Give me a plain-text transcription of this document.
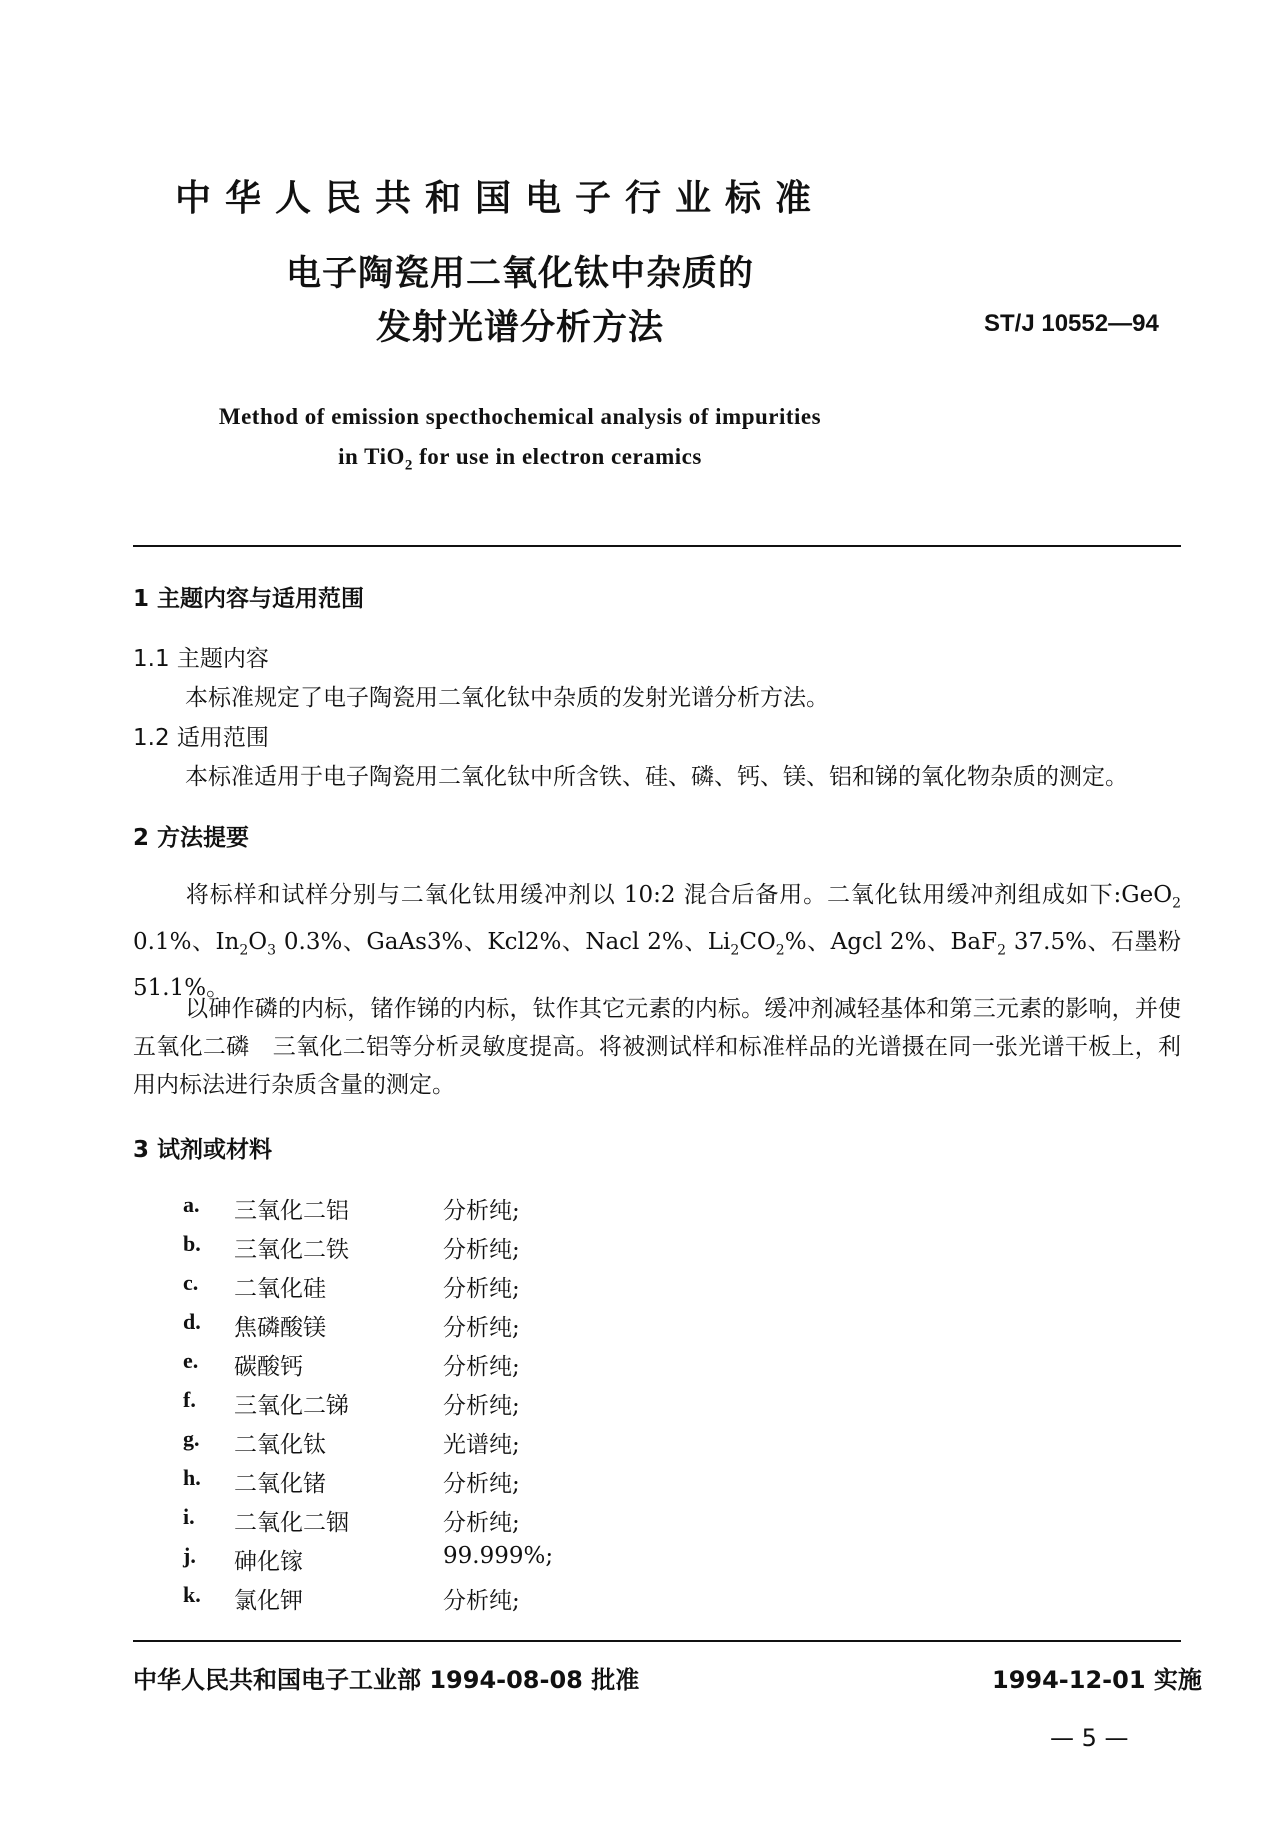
中华人民共和国电子行业标准
电子陶瓷用二氧化钛中杂质的
发射光谱分析方法	ST/J 10552—94
Method of emission specthochemical analysis of impurities
in TiO$_2$ for use in electron ceramics
1 主题内容与适用范围
1.1 主题内容
本标准规定了电子陶瓷用二氧化钛中杂质的发射光谱分析方法。
1.2 适用范围
本标准适用于电子陶瓷用二氧化钛中所含铁、硅、磷、钙、镁、铝和锑的氧化物杂质的测定。
2 方法提要
将标样和试样分别与二氧化钛用缓冲剂以 10:2 混合后备用。二氧化钛用缓冲剂组成如下:GeO$_2$ 0.1%、$In_2O_3$ 0.3%、GaAs3%、Kcl2%、Nacl 2%、$Li_2CO_2\%$、Agcl 2%、BaF$_2$ 37.5%、石墨粉 51.1%。
以砷作磷的内标，锗作锑的内标，钛作其它元素的内标。缓冲剂减轻基体和第三元素的影响，并使五氧化二磷　三氧化二铝等分析灵敏度提高。将被测试样和标准样品的光谱摄在同一张光谱干板上，利用内标法进行杂质含量的测定。
3 试剂或材料
a. 三氧化二铝	分析纯;
b. 三氧化二铁	分析纯;
c. 二氧化硅	分析纯;
d. 焦磷酸镁	分析纯;
e. 碳酸钙	分析纯;
f. 三氧化二锑	分析纯;
g. 二氧化钛	光谱纯;
h. 二氧化锗	分析纯;
i. 二氧化二铟	分析纯;
j. 砷化镓	99.999%;
k. 氯化钾	分析纯;
中华人民共和国电子工业部 1994-08-08 批准	1994-12-01 实施
— 5 —
